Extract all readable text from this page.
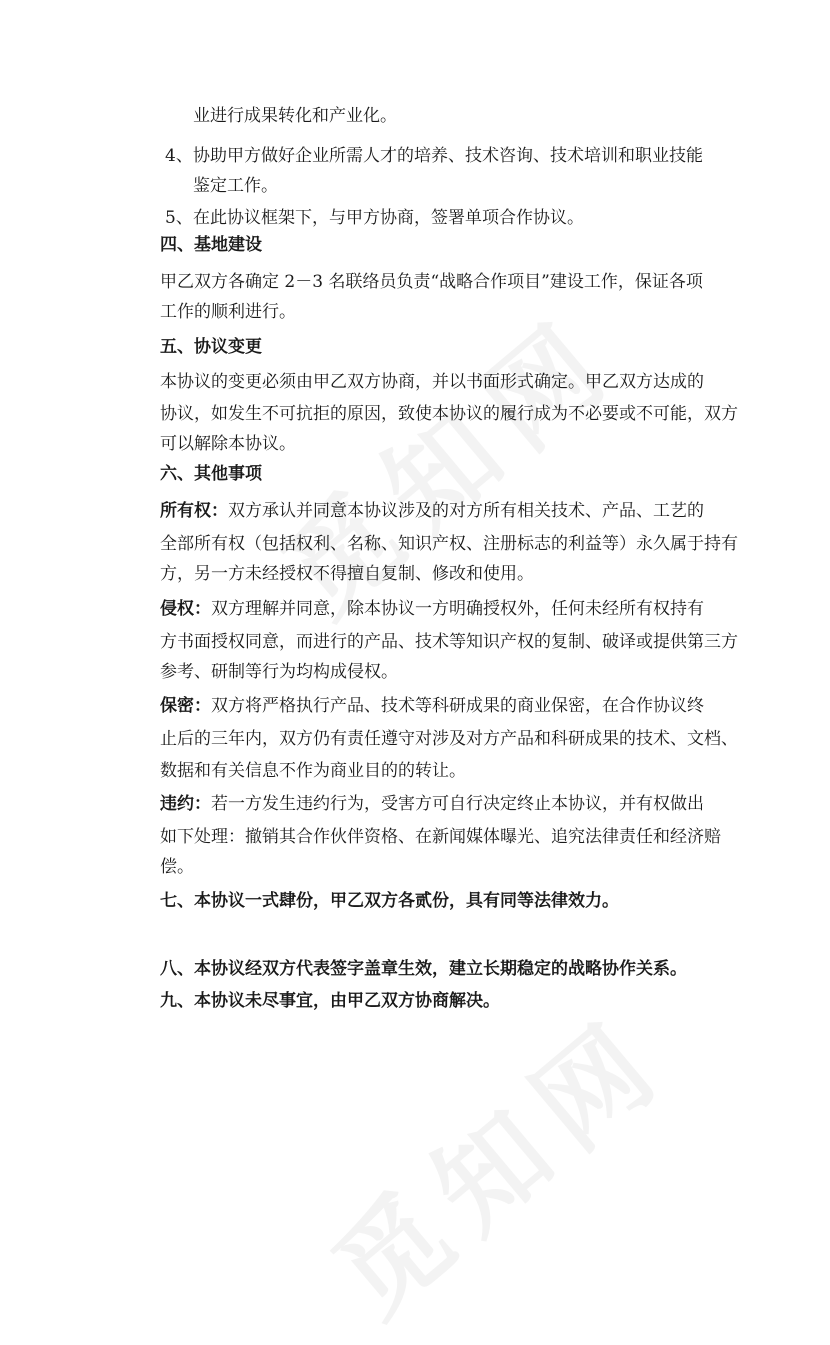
业进行成果转化和产业化。
4、 协助甲方做好企业所需人才的培养、技术咨询、技术培训和职业技能
鉴定工作。
5、 在此协议框架下，与甲方协商，签署单项合作协议。
四、基地建设
甲乙双方各确定 2－3 名联络员负责“战略合作项目”建设工作，保证各项
工作的顺利进行。
五、协议变更
本协议的变更必须由甲乙双方协商，并以书面形式确定。甲乙双方达成的
协议，如发生不可抗拒的原因，致使本协议的履行成为不必要或不可能，双方
可以解除本协议。
六、其他事项
所有权：双方承认并同意本协议涉及的对方所有相关技术、产品、工艺的
全部所有权（包括权利、名称、知识产权、注册标志的利益等）永久属于持有
方，另一方未经授权不得擅自复制、修改和使用。
侵权：双方理解并同意，除本协议一方明确授权外，任何未经所有权持有
方书面授权同意，而进行的产品、技术等知识产权的复制、破译或提供第三方
参考、研制等行为均构成侵权。
保密：双方将严格执行产品、技术等科研成果的商业保密，在合作协议终
止后的三年内，双方仍有责任遵守对涉及对方产品和科研成果的技术、文档、
数据和有关信息不作为商业目的的转让。
违约：若一方发生违约行为，受害方可自行决定终止本协议，并有权做出
如下处理：撤销其合作伙伴资格、在新闻媒体曝光、追究法律责任和经济赔
偿。
七、本协议一式肆份，甲乙双方各贰份，具有同等法律效力。
八、本协议经双方代表签字盖章生效，建立长期稳定的战略协作关系。
九、本协议未尽事宜，由甲乙双方协商解决。
